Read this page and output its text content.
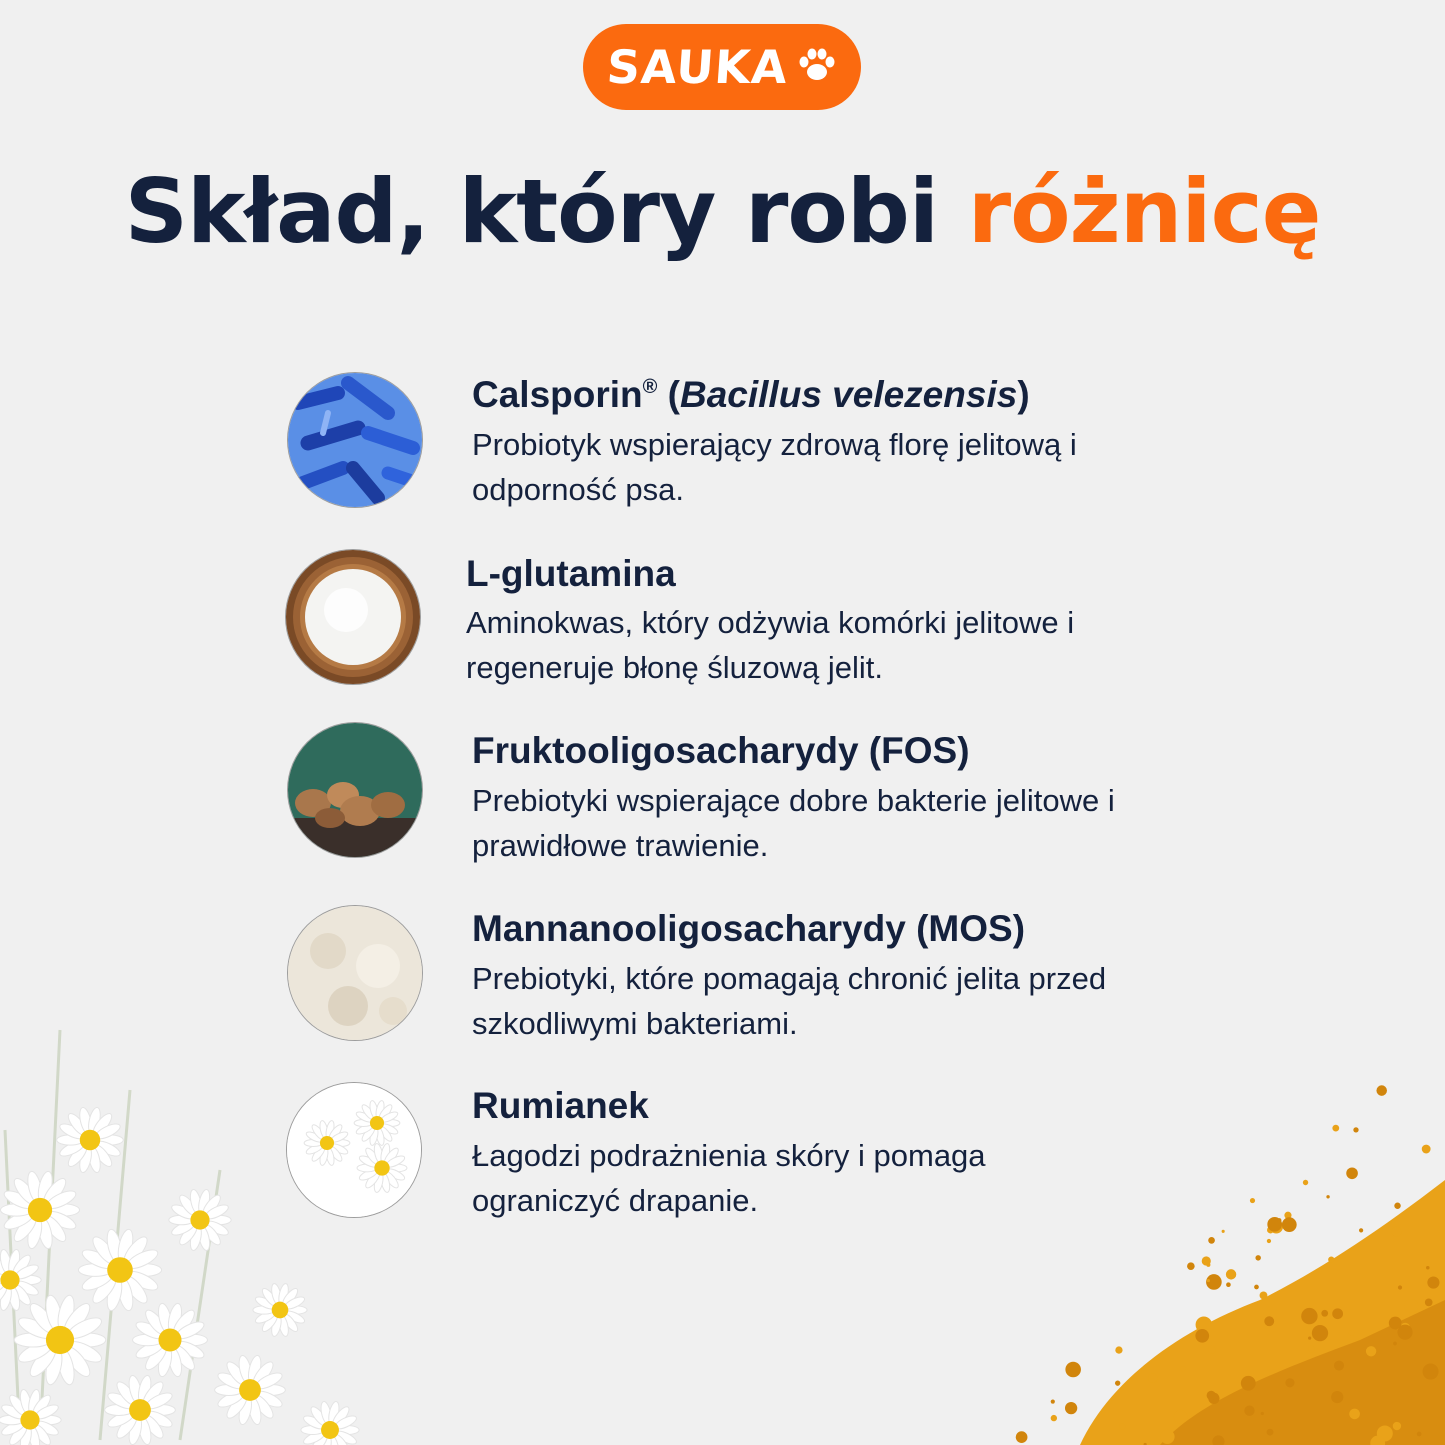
SAUKA
Skład, który robi różnicę
Calsporin® (Bacillus velezensis)
Probiotyk wspierający zdrową florę jelitową i
odporność psa.
L-glutamina
Aminokwas, który odżywia komórki jelitowe i
regeneruje błonę śluzową jelit.
Fruktooligosacharydy (FOS)
Prebiotyki wspierające dobre bakterie jelitowe i
prawidłowe trawienie.
Mannanooligosacharydy (MOS)
Prebiotyki, które pomagają chronić jelita przed
szkodliwymi bakteriami.
Rumianek
Łagodzi podrażnienia skóry i pomaga
ograniczyć drapanie.
